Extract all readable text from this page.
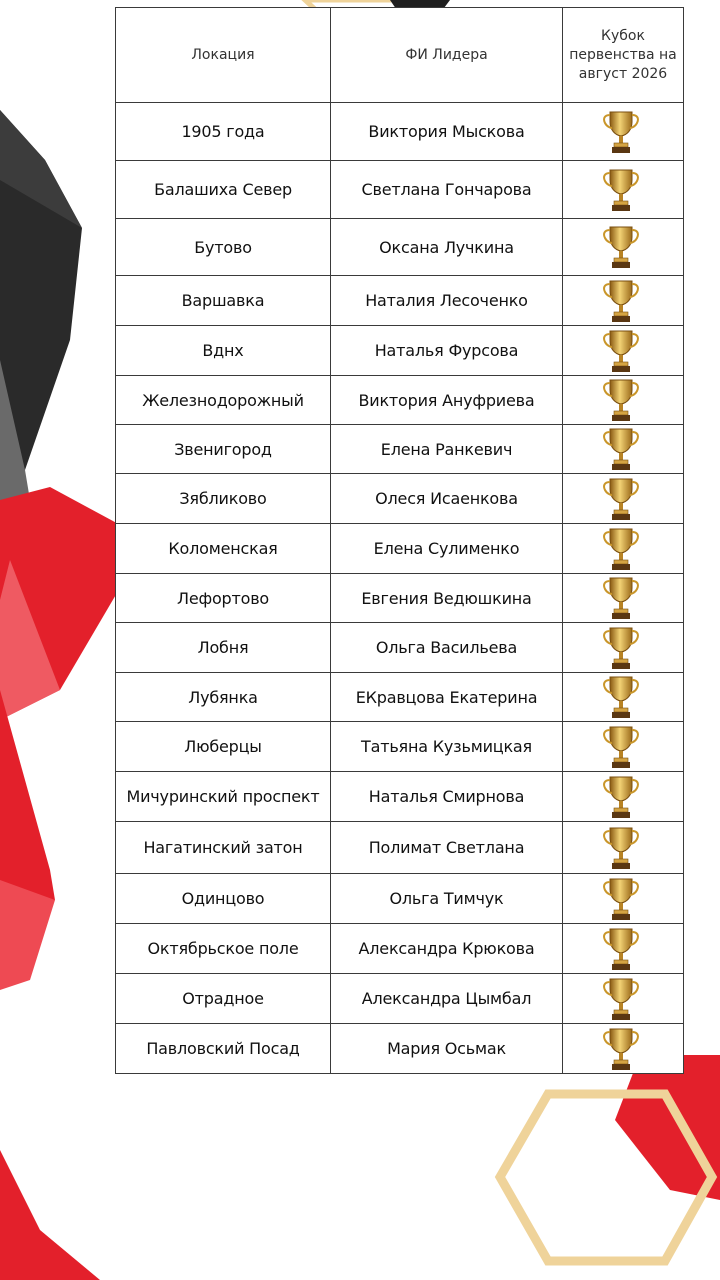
Локация	ФИ Лидера	Кубок первенства на август 2026
1905 года	Виктория Мыскова	

Балашиха Север	Светлана Гончарова	

Бутово	Оксана Лучкина	

Варшавка	Наталия Лесоченко	

Вднх	Наталья Фурсова	

Железнодорожный	Виктория Ануфриева	

Звенигород	Елена Ранкевич	

Зябликово	Олеся Исаенкова	

Коломенская	Елена Сулименко	

Лефортово	Евгения Ведюшкина	

Лобня	Ольга Васильева	

Лубянка	ЕКравцова Екатерина	

Люберцы	Татьяна Кузьмицкая	

Мичуринский проспект	Наталья Смирнова	

Нагатинский затон	Полимат Светлана	

Одинцово	Ольга Тимчук	

Октябрьское поле	Александра Крюкова	

Отрадное	Александра Цымбал	

Павловский Посад	Мария Осьмак	
